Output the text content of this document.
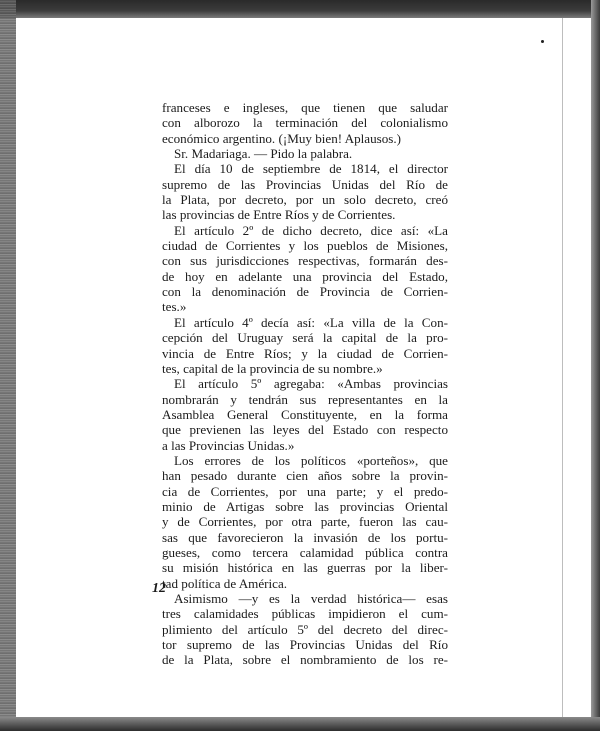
franceses e ingleses, que tienen que saludar
con alborozo la terminación del colonialismo
económico argentino. (¡Muy bien! Aplausos.)
Sr. Madariaga. — Pido la palabra.
El día 10 de septiembre de 1814, el director
supremo de las Provincias Unidas del Río de
la Plata, por decreto, por un solo decreto, creó
las provincias de Entre Ríos y de Corrientes.
El artículo 2º de dicho decreto, dice así: «La
ciudad de Corrientes y los pueblos de Misiones,
con sus jurisdicciones respectivas, formarán des-
de hoy en adelante una provincia del Estado,
con la denominación de Provincia de Corrien-
tes.»
El artículo 4º decía así: «La villa de la Con-
cepción del Uruguay será la capital de la pro-
vincia de Entre Ríos; y la ciudad de Corrien-
tes, capital de la provincia de su nombre.»
El artículo 5º agregaba: «Ambas provincias
nombrarán y tendrán sus representantes en la
Asamblea General Constituyente, en la forma
que previenen las leyes del Estado con respecto
a las Provincias Unidas.»
Los errores de los políticos «porteños», que
han pesado durante cien años sobre la provin-
cia de Corrientes, por una parte; y el predo-
minio de Artigas sobre las provincias Oriental
y de Corrientes, por otra parte, fueron las cau-
sas que favorecieron la invasión de los portu-
gueses, como tercera calamidad pública contra
su misión histórica en las guerras por la liber-
tad política de América.
Asimismo —y es la verdad histórica— esas
tres calamidades públicas impidieron el cum-
plimiento del artículo 5º del decreto del direc-
tor supremo de las Provincias Unidas del Río
de la Plata, sobre el nombramiento de los re-
12
